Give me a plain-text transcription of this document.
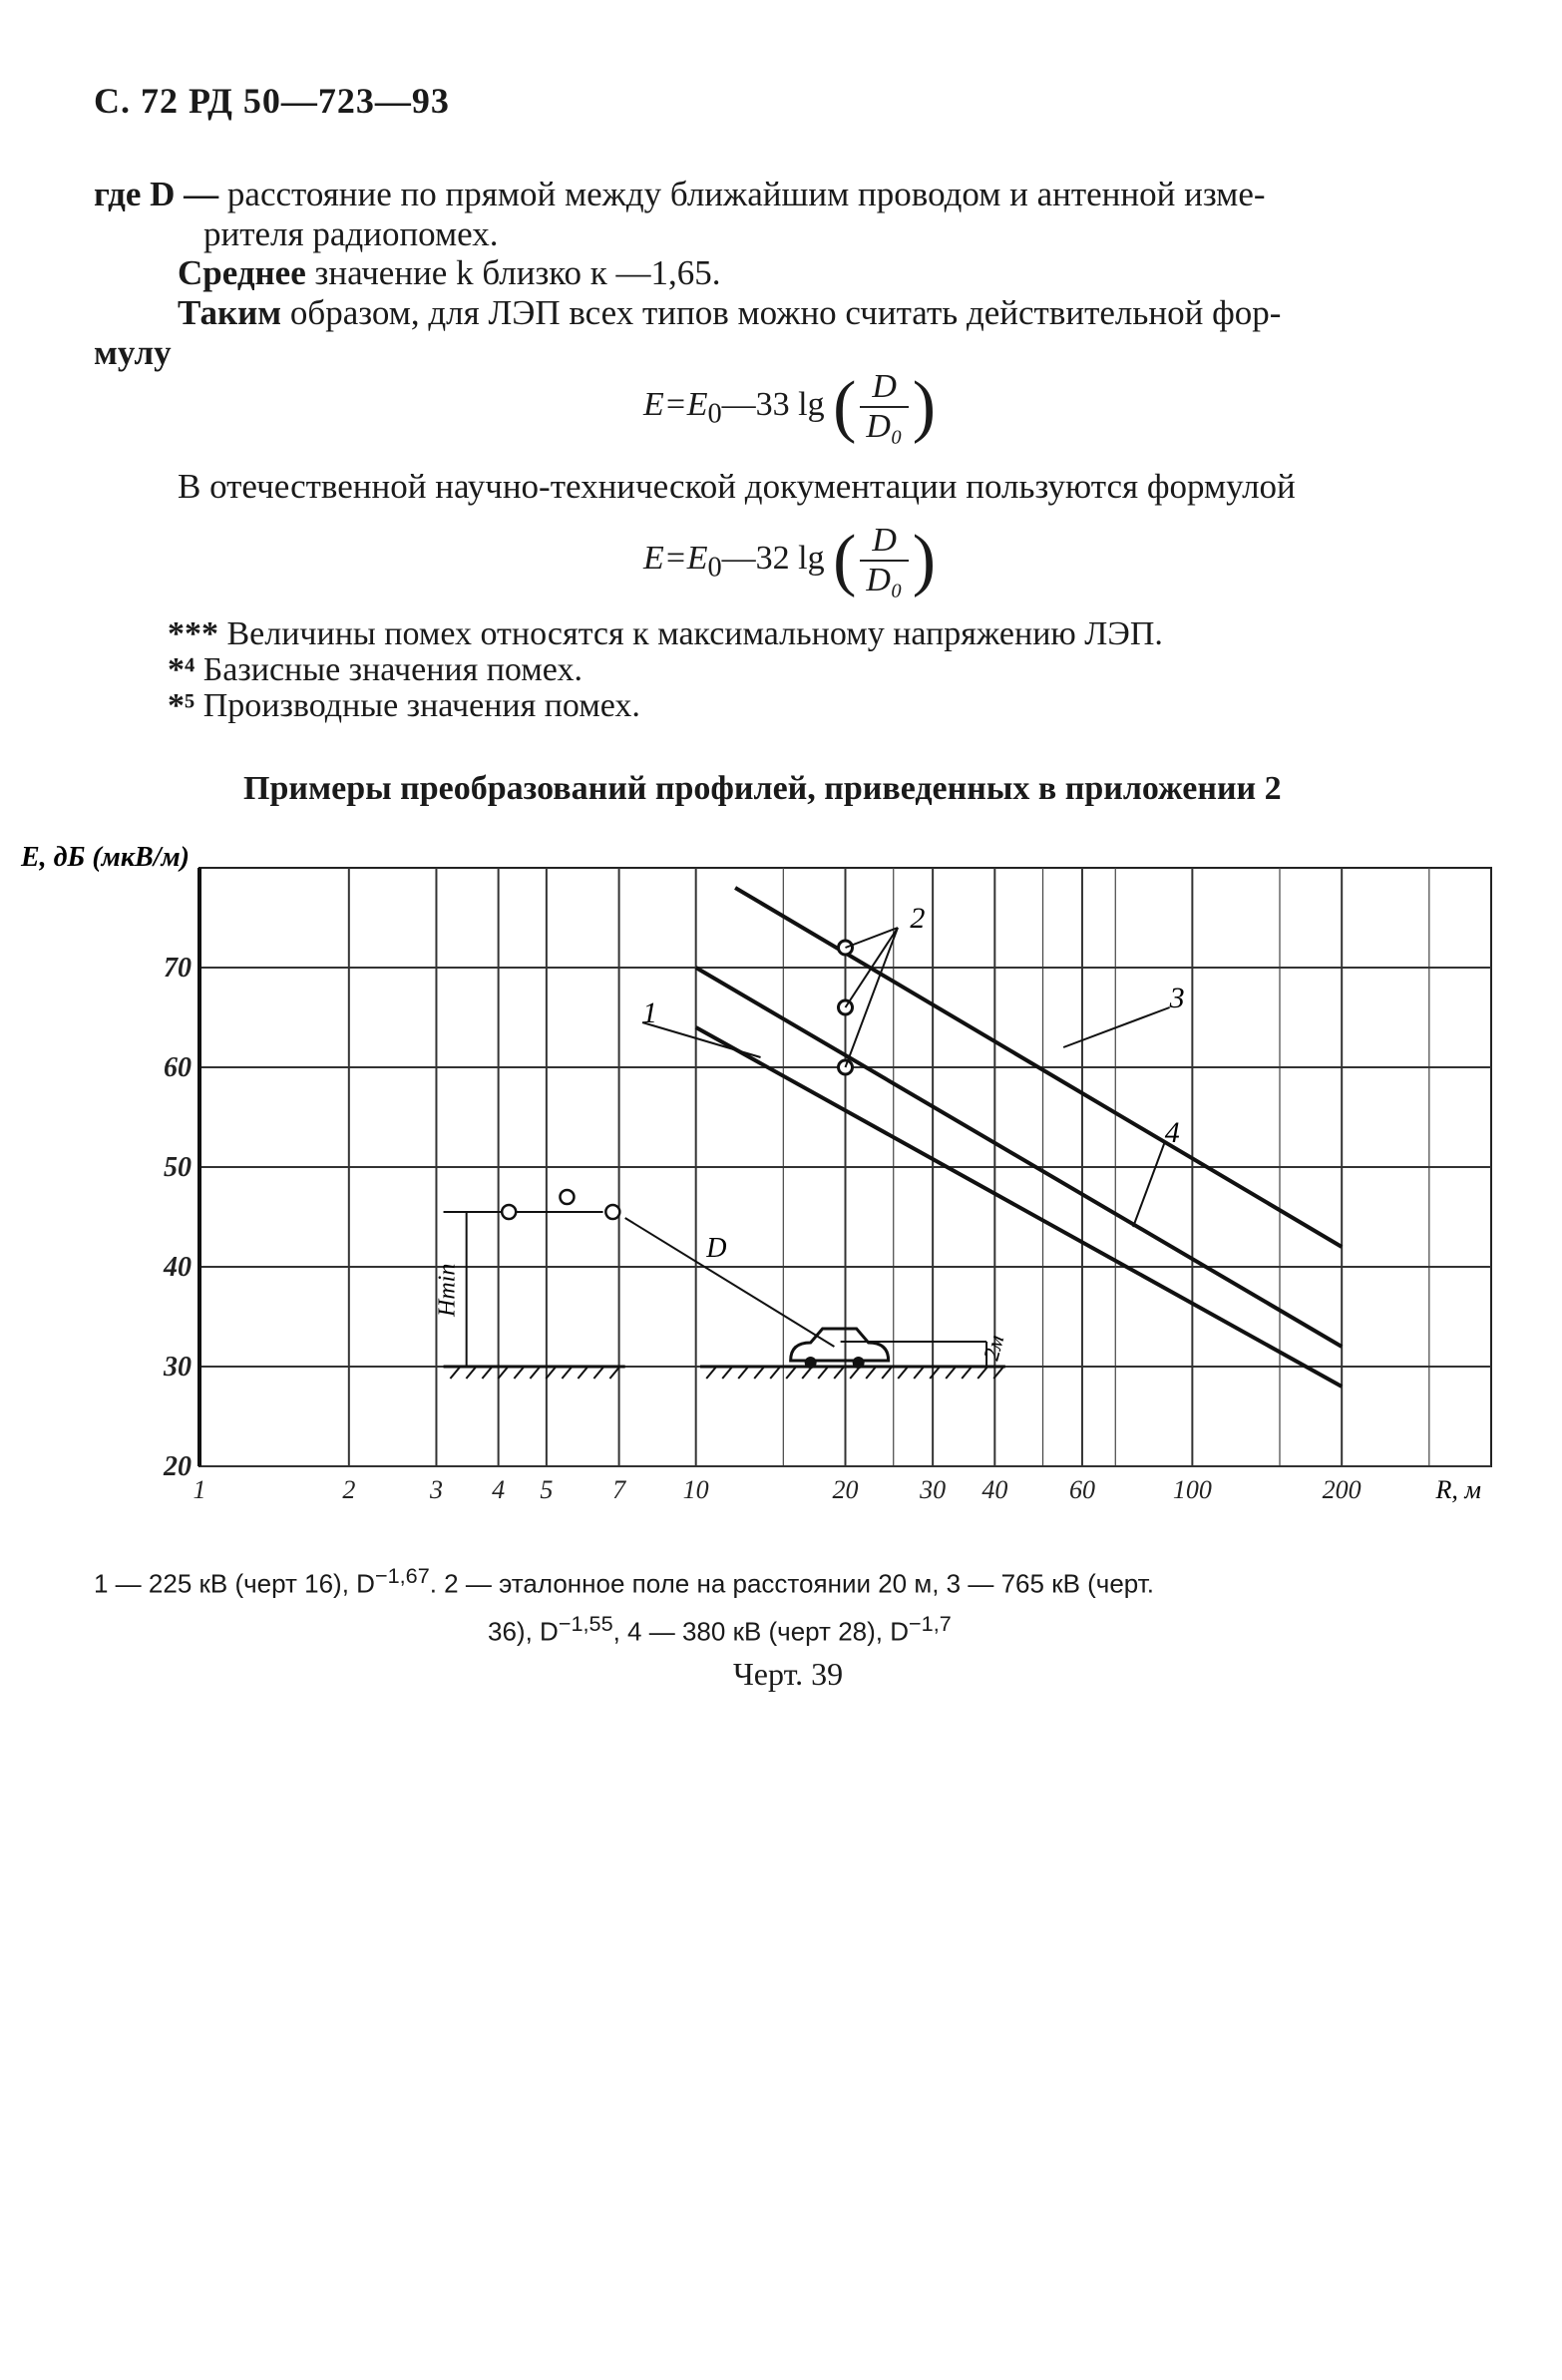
С. 72 РД 50—723—93
где D — расстояние по прямой между ближайшим проводом и антенной изме-
рителя радиопомех.
Среднее значение k близко к —1,65.
Таким образом, для ЛЭП всех типов можно считать действительной фор-
мулу
$E=E_0—33$ lg ( $\frac{D}{\text{D₀}}$ )
В отечественной научно-технической документации пользуются формулой
$E=E_0—32$ lg ( $\frac{D}{\text{D₀}}$ )
*** Величины помех относятся к максимальному напряжению ЛЭП.
*⁴ Базисные значения помех.
*⁵ Производные значения помех.
Примеры преобразований профилей, приведенных в приложении 2
1	2	3 4 5 7 10	20 30 40 60	100	200
20
30
40
50
60
70
E, дБ (мкВ/м)
R, м
2
1	3
4
Hmin
D
2м
1 — 225 кВ (черт 16), $D^{-1,67}$. 2 — эталонное поле на расстоянии 20 м, 3 — 765 кВ (черт.
36), $D^{-1,55}$, 4 — 380 кВ (черт 28), $D^{-1,7}$
Черт. 39
